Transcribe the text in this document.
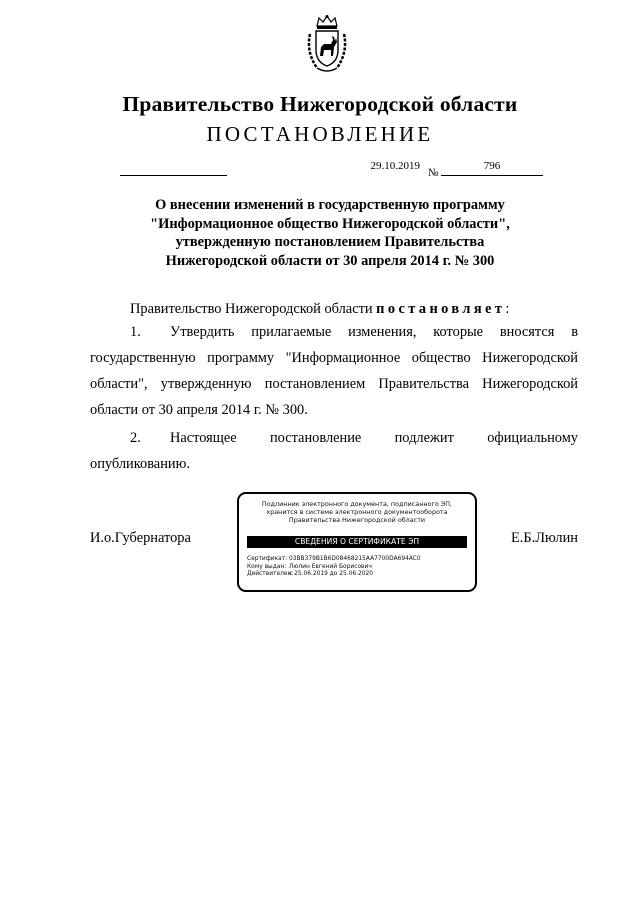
Правительство Нижегородской области
ПОСТАНОВЛЕНИЕ
29.10.2019
№
796
О внесении изменений в государственную программу
"Информационное общество Нижегородской области",
утвержденную постановлением Правительства
Нижегородской области от 30 апреля 2014 г. № 300
Правительство Нижегородской области постановляет:
1. Утвердить прилагаемые изменения, которые вносятся в государственную программу "Информационное общество Нижегородской области", утвержденную постановлением Правительства Нижегородской области от 30 апреля 2014 г. № 300.
2. Настоящее постановление подлежит официальному опубликованию.
И.о.Губернатора	Е.Б.Люлин
Подлинник электронного документа, подписанного ЭП,
хранится в системе электронного документооборота
Правительства Нижегородской области
СВЕДЕНИЯ О СЕРТИФИКАТЕ ЭП
Сертификат: 03BB379B1B6D08468215AA7700DA694AC0
Кому выдан: Люлин Евгений Борисович
Действителен:с 25.06.2019 до 25.06.2020
